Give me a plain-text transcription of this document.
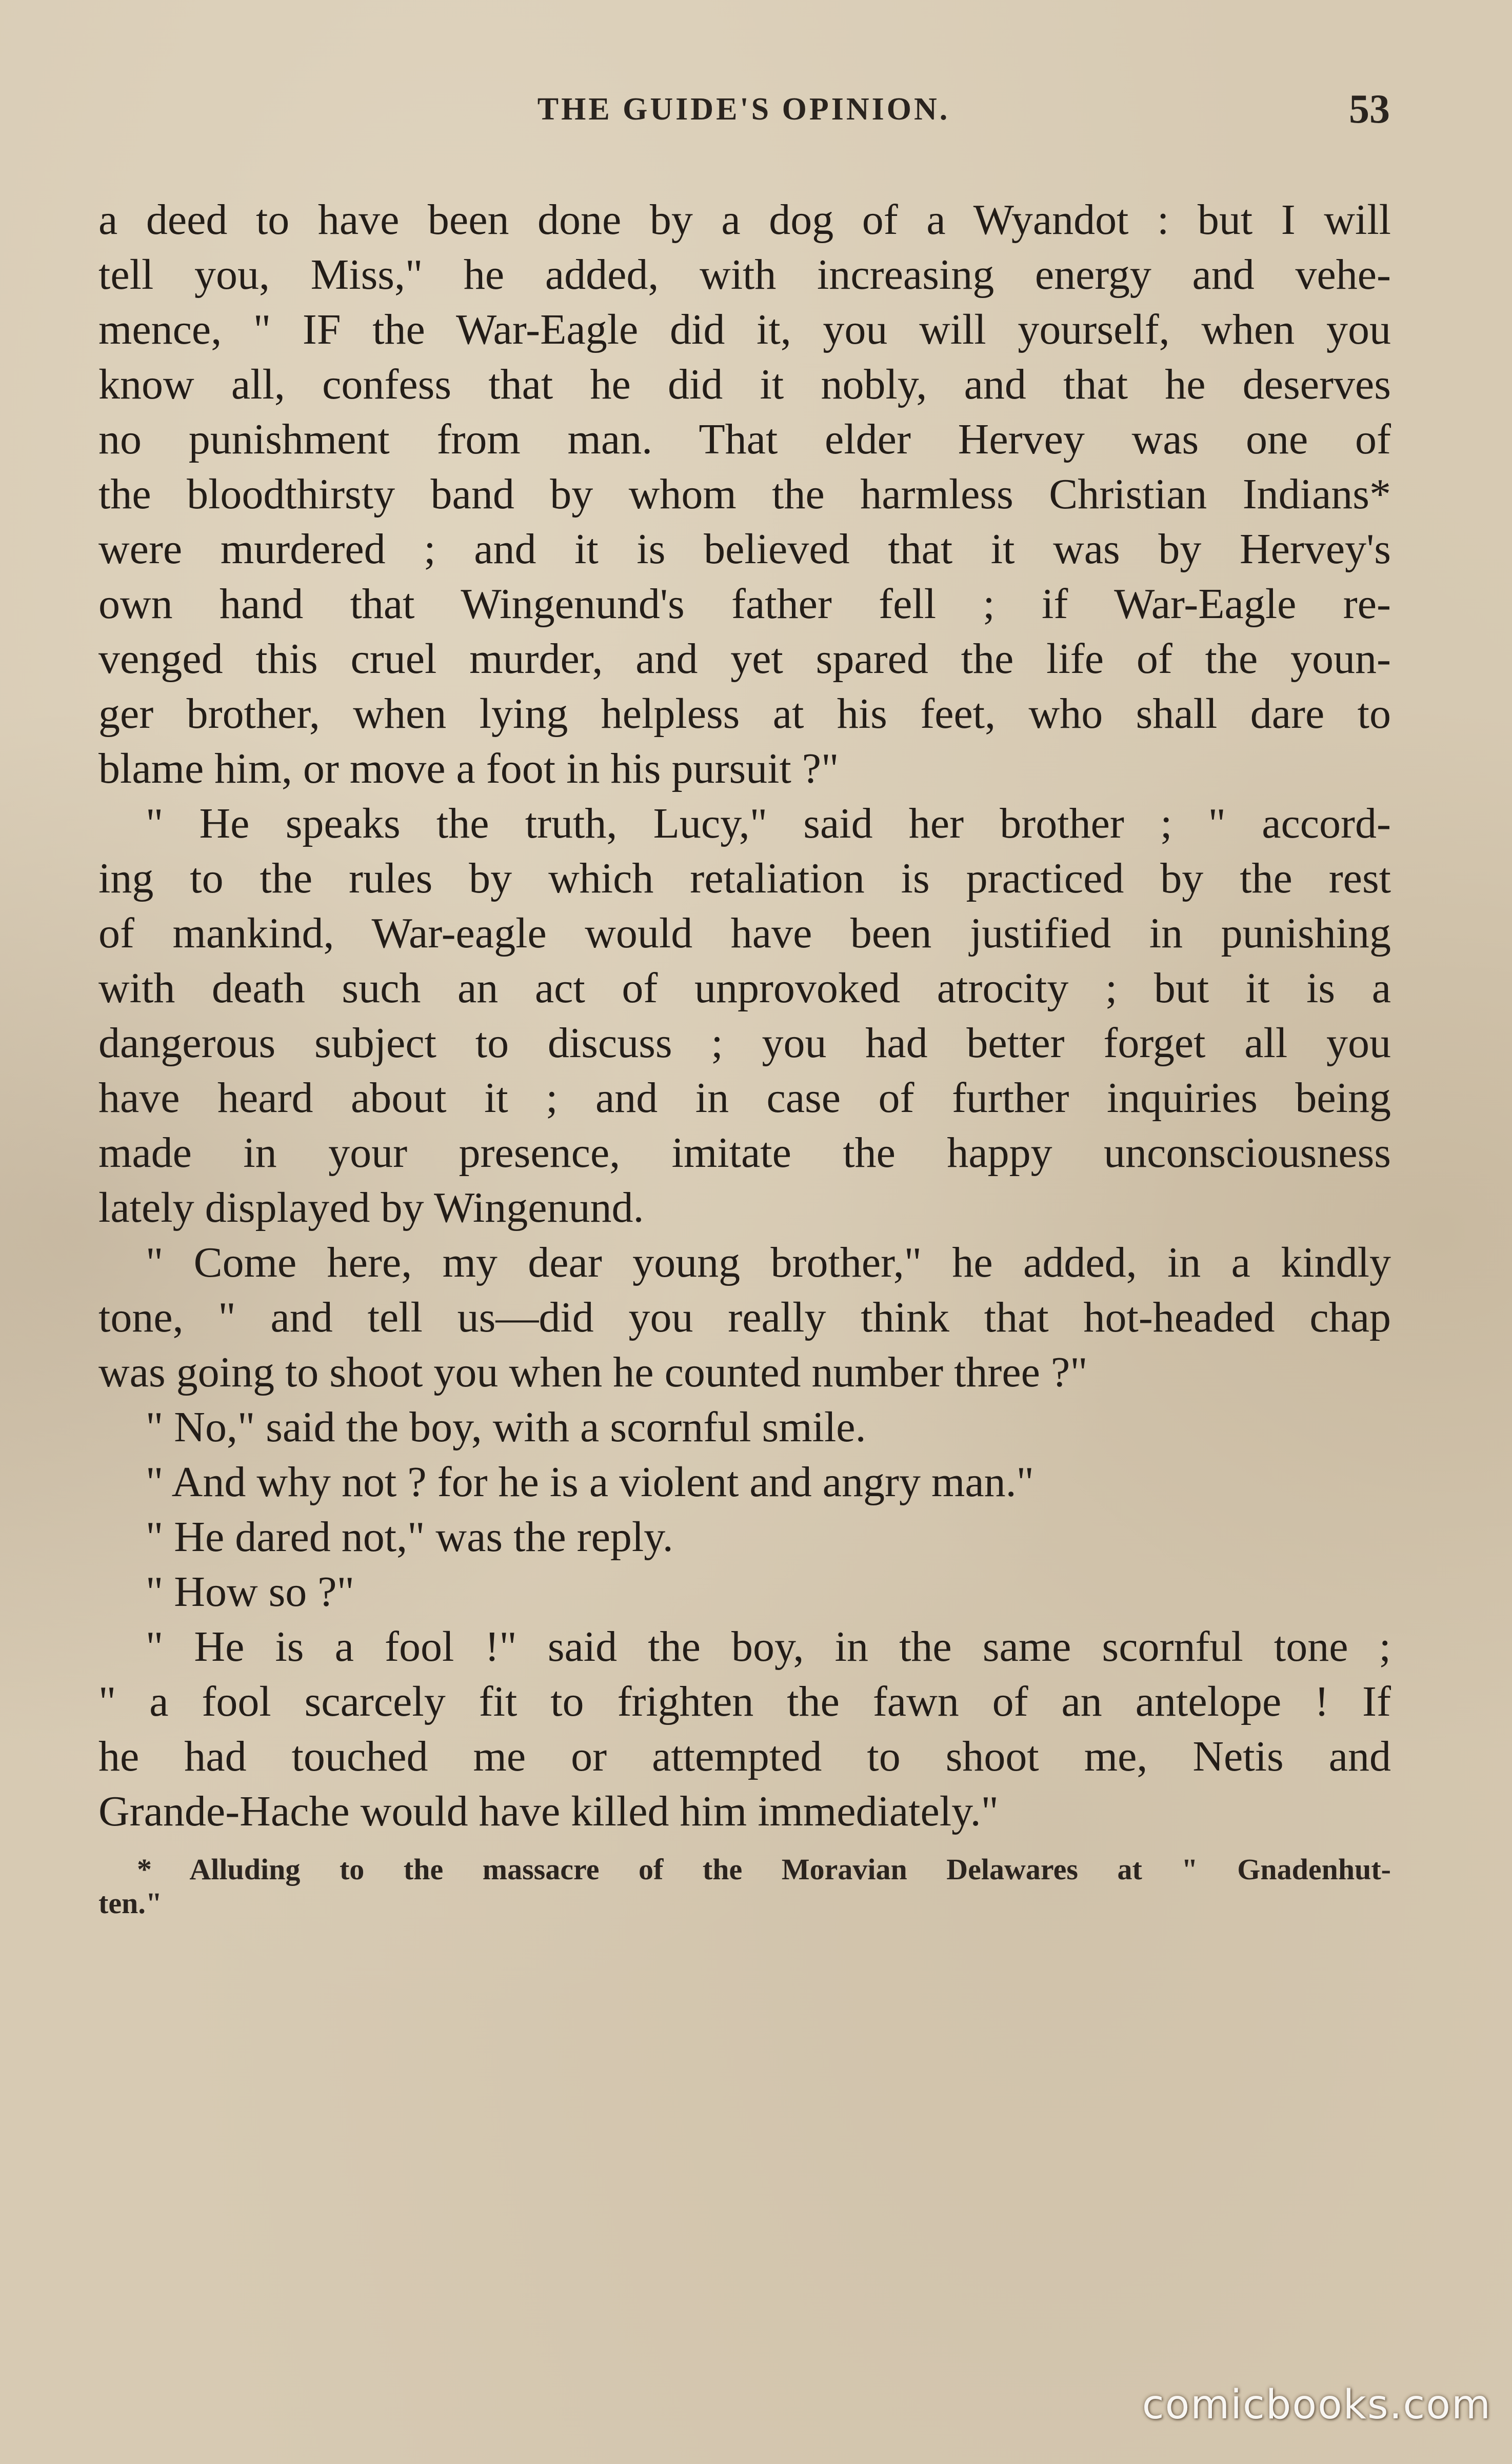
THE GUIDE'S OPINION.	53
a deed to have been done by a dog of a Wyandot : but I will
tell you, Miss," he added, with increasing energy and vehe-
mence, " IF the War-Eagle did it, you will yourself, when you
know all, confess that he did it nobly, and that he deserves
no punishment from man. That elder Hervey was one of
the bloodthirsty band by whom the harmless Christian Indians*
were murdered ; and it is believed that it was by Hervey's
own hand that Wingenund's father fell ; if War-Eagle re-
venged this cruel murder, and yet spared the life of the youn-
ger brother, when lying helpless at his feet, who shall dare to
blame him, or move a foot in his pursuit ?"
" He speaks the truth, Lucy," said her brother ; " accord-
ing to the rules by which retaliation is practiced by the rest
of mankind, War-eagle would have been justified in punishing
with death such an act of unprovoked atrocity ; but it is a
dangerous subject to discuss ; you had better forget all you
have heard about it ; and in case of further inquiries being
made in your presence, imitate the happy unconsciousness
lately displayed by Wingenund.
" Come here, my dear young brother," he added, in a kindly
tone, " and tell us—did you really think that hot-headed chap
was going to shoot you when he counted number three ?"
" No," said the boy, with a scornful smile.
" And why not ? for he is a violent and angry man."
" He dared not," was the reply.
" How so ?"
" He is a fool !" said the boy, in the same scornful tone ;
" a fool scarcely fit to frighten the fawn of an antelope ! If
he had touched me or attempted to shoot me, Netis and
Grande-Hache would have killed him immediately."
* Alluding to the massacre of the Moravian Delawares at " Gnadenhut-
ten."
comicbooks.com
